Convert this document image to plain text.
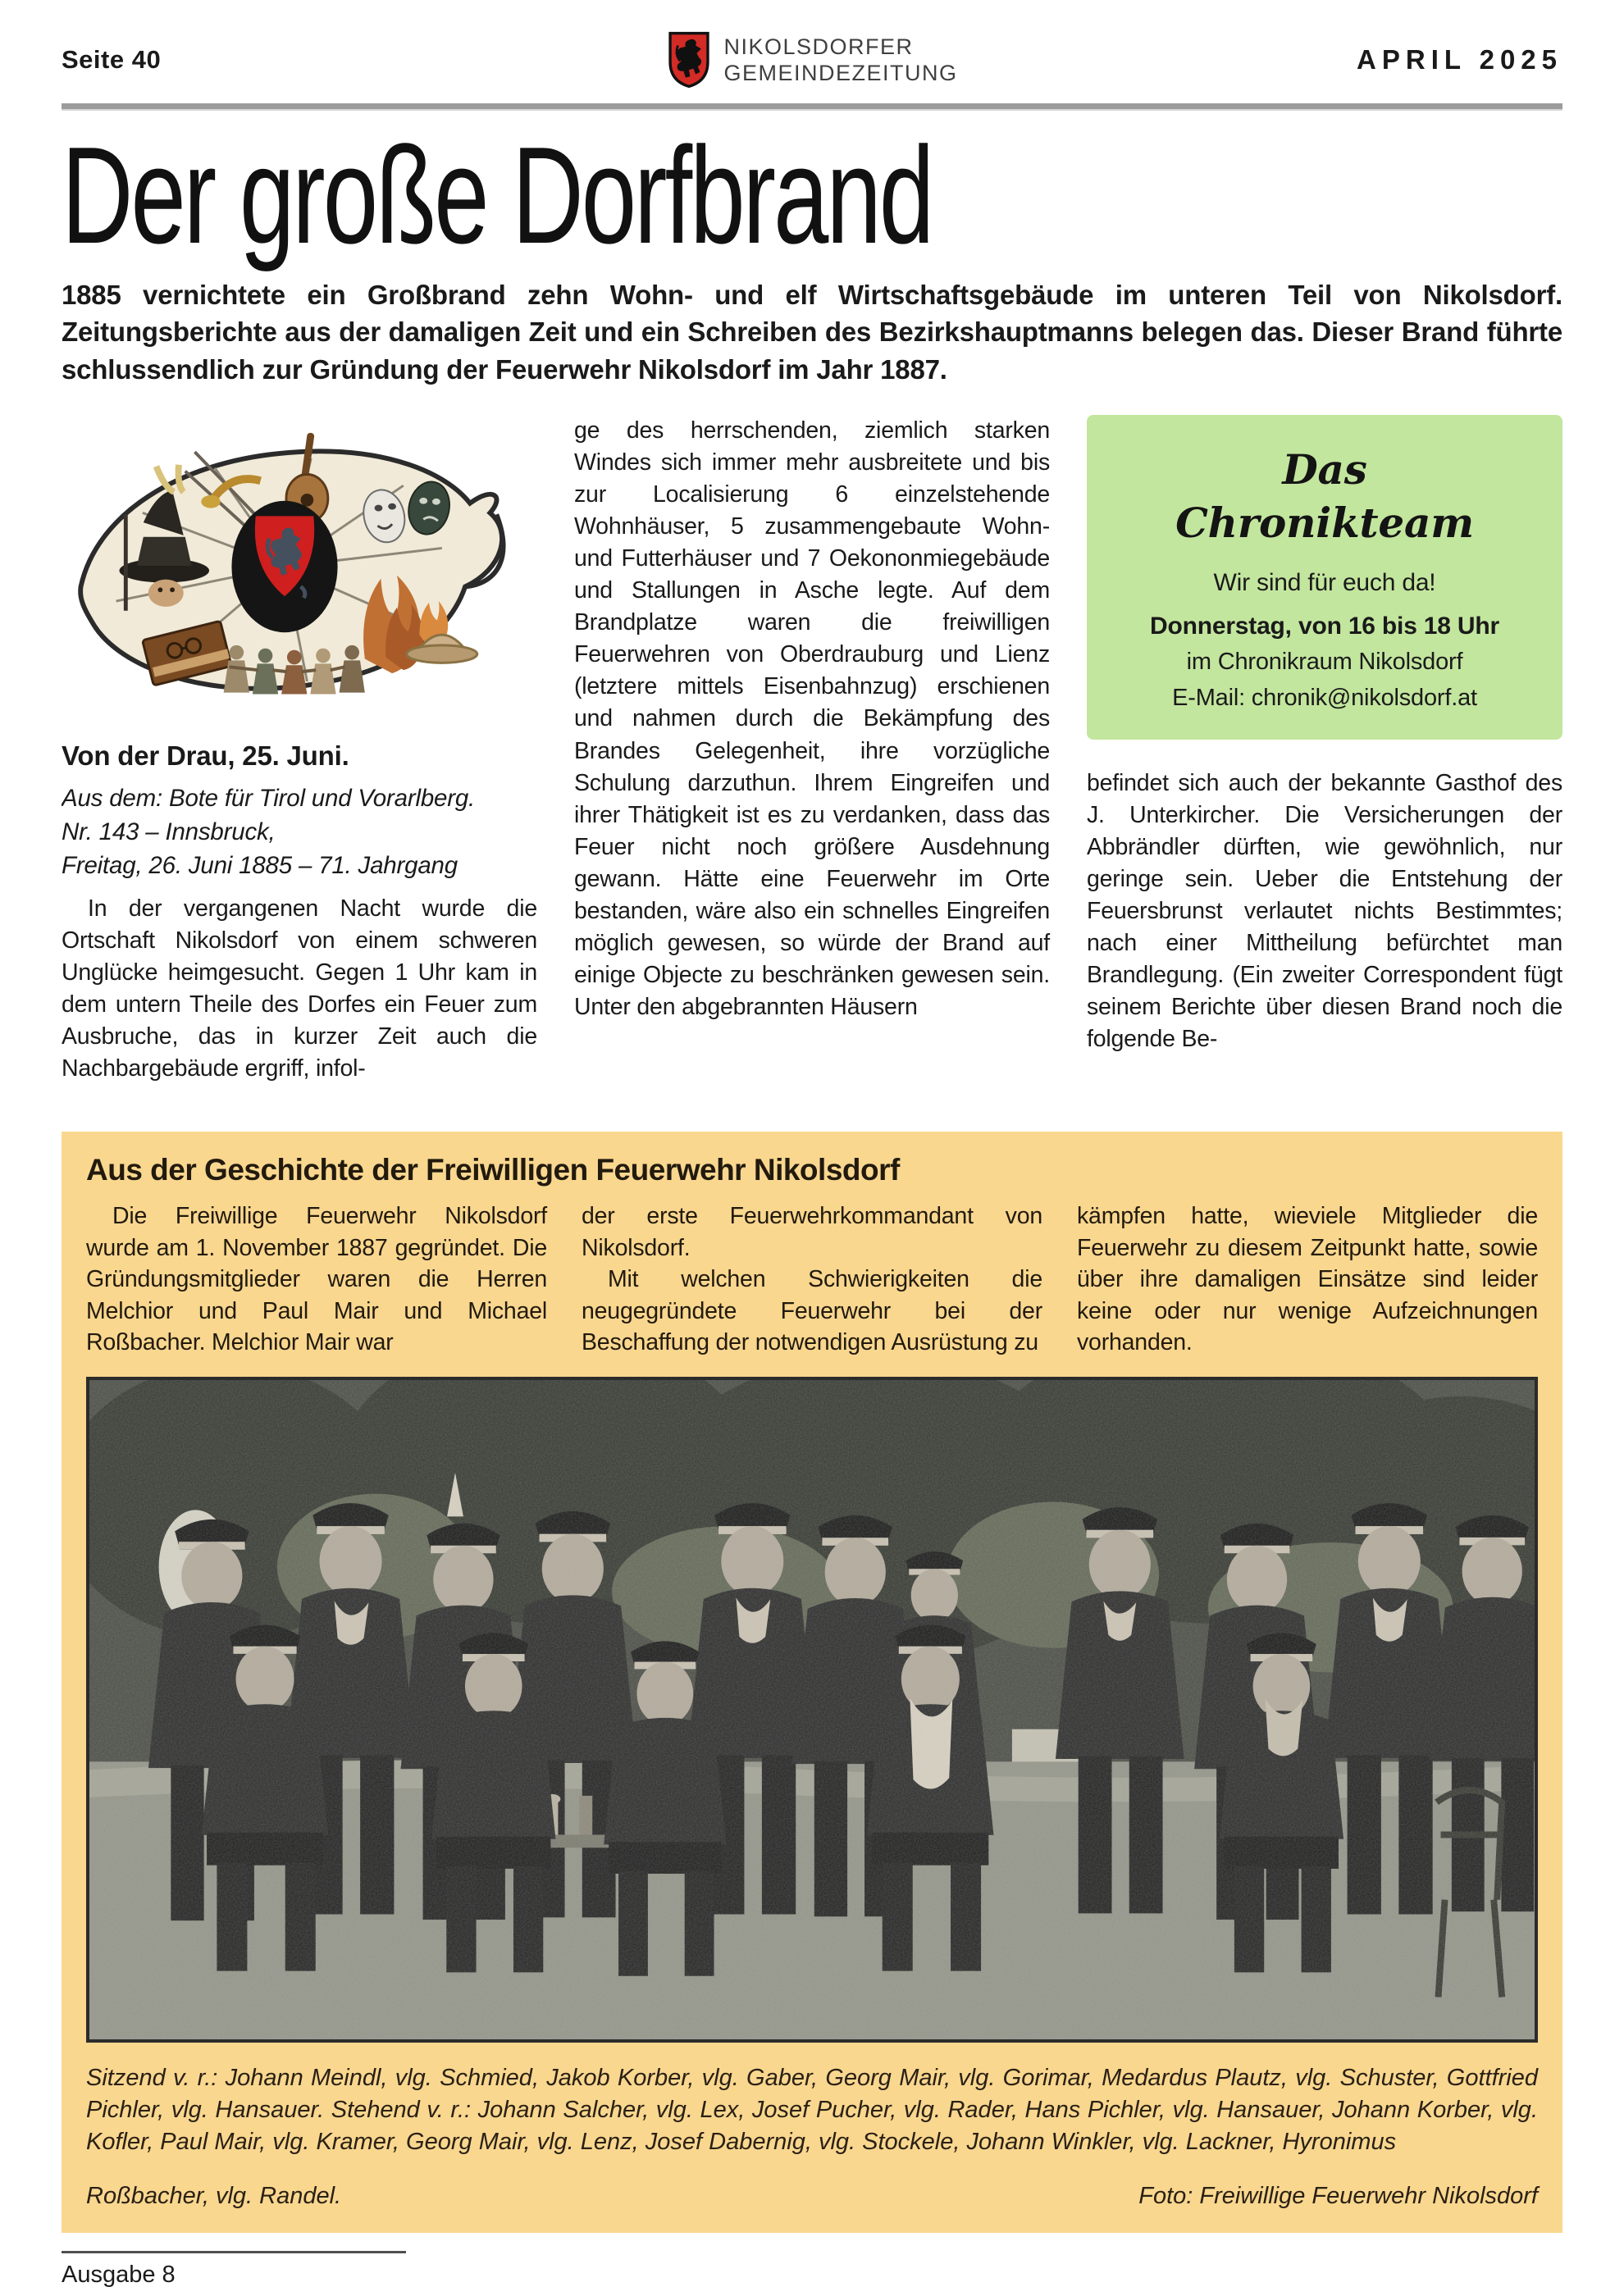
Seite 40	NIKOLSDORFER
GEMEINDEZEITUNG	APRIL 2025
Der große Dorfbrand

1885 vernichtete ein Großbrand zehn Wohn- und elf Wirtschaftsgebäude im unteren Teil von Nikolsdorf. Zeitungsberichte aus der damaligen Zeit und ein Schreiben des Bezirkshauptmanns belegen das. Dieser Brand führte schlussendlich zur Gründung der Feuerwehr Nikolsdorf im Jahr 1887.

Von der Drau, 25. Juni.
Aus dem: Bote für Tirol und Vorarlberg.
Nr. 143 – Innsbruck,
Freitag, 26. Juni 1885 – 71. Jahrgang

In der vergangenen Nacht wurde die Ortschaft Nikolsdorf von einem schweren Unglücke heimgesucht. Gegen 1 Uhr kam in dem untern Theile des Dorfes ein Feuer zum Ausbruche, das in kurzer Zeit auch die Nachbargebäude ergriff, infol-

ge des herrschenden, ziemlich starken Windes sich immer mehr ausbreitete und bis zur Localisierung 6 einzelstehende Wohnhäuser, 5 zusammengebaute Wohn- und Futterhäuser und 7 Oekononmiegebäude und Stallungen in Asche legte. Auf dem Brandplatze waren die freiwilligen Feuerwehren von Oberdrauburg und Lienz (letztere mittels Eisenbahnzug) erschienen und nahmen durch die Bekämpfung des Brandes Gelegenheit, ihre vorzügliche Schulung darzuthun. Ihrem Eingreifen und ihrer Thätigkeit ist es zu verdanken, dass das Feuer nicht noch größere Ausdehnung gewann. Hätte eine Feuerwehr im Orte bestanden, wäre also ein schnelles Eingreifen möglich gewesen, so würde der Brand auf einige Objecte zu beschränken gewesen sein. Unter den abgebrannten Häusern

Das
Chronikteam
Wir sind für euch da!
Donnerstag, von 16 bis 18 Uhr
im Chronikraum Nikolsdorf
E-Mail: chronik@nikolsdorf.at

befindet sich auch der bekannte Gasthof des J. Unterkircher. Die Versicherungen der Abbrändler dürften, wie gewöhnlich, nur geringe sein. Ueber die Entstehung der Feuersbrunst verlautet nichts Bestimmtes; nach einer Mittheilung befürchtet man Brandlegung. (Ein zweiter Correspondent fügt seinem Berichte über diesen Brand noch die folgende Be-

Aus der Geschichte der Freiwilligen Feuerwehr Nikolsdorf

Die Freiwillige Feuerwehr Nikolsdorf wurde am 1. November 1887 gegründet. Die Gründungsmitglieder waren die Herren Melchior und Paul Mair und Michael Roßbacher. Melchior Mair war

der erste Feuerwehrkommandant von Nikolsdorf.

Mit welchen Schwierigkeiten die neugegründete Feuerwehr bei der Beschaffung der notwendigen Ausrüstung zu

kämpfen hatte, wieviele Mitglieder die Feuerwehr zu diesem Zeitpunkt hatte, sowie über ihre damaligen Einsätze sind leider keine oder nur wenige Aufzeichnungen vorhanden.

Sitzend v. r.: Johann Meindl, vlg. Schmied, Jakob Korber, vlg. Gaber, Georg Mair, vlg. Gorimar, Medardus Plautz, vlg. Schuster, Gottfried Pichler, vlg. Hansauer. Stehend v. r.: Johann Salcher, vlg. Lex, Josef Pucher, vlg. Rader, Hans Pichler, vlg. Hansauer, Johann Korber, vlg. Kofler, Paul Mair, vlg. Kramer, Georg Mair, vlg. Lenz, Josef Dabernig, vlg. Stockele, Johann Winkler, vlg. Lackner, Hyronimus

Roßbacher, vlg. Randel.	Foto: Freiwillige Feuerwehr Nikolsdorf
Ausgabe 8
